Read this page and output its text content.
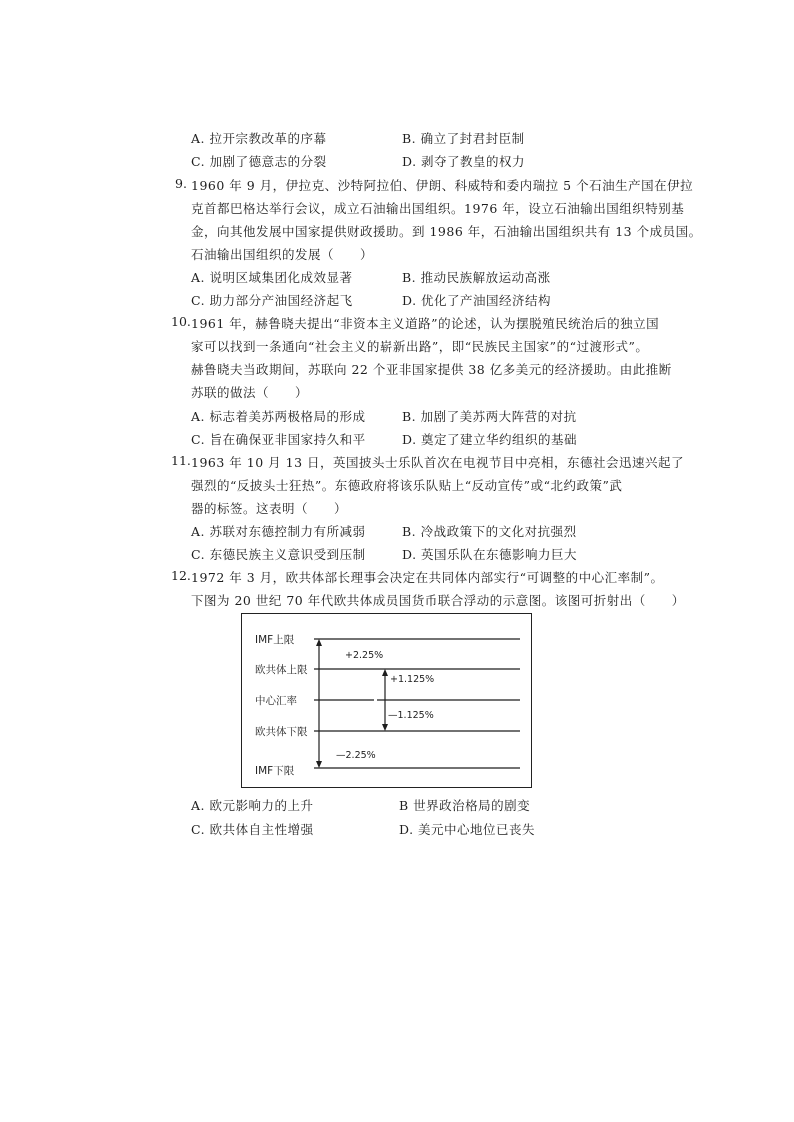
A. 拉开宗教改革的序幕	B. 确立了封君封臣制
C. 加剧了德意志的分裂	D. 剥夺了教皇的权力
9. 1960 年 9 月，伊拉克、沙特阿拉伯、伊朗、科威特和委内瑞拉 5 个石油生产国在伊拉
克首都巴格达举行会议，成立石油输出国组织。1976 年，设立石油输出国组织特别基
金，向其他发展中国家提供财政援助。到 1986 年，石油输出国组织共有 13 个成员国。
石油输出国组织的发展（　　）
A. 说明区域集团化成效显著	B. 推动民族解放运动高涨
C. 助力部分产油国经济起飞	D. 优化了产油国经济结构
10. 1961 年，赫鲁晓夫提出“非资本主义道路”的论述，认为摆脱殖民统治后的独立国
家可以找到一条通向“社会主义的崭新出路”，即“民族民主国家”的“过渡形式”。
赫鲁晓夫当政期间，苏联向 22 个亚非国家提供 38 亿多美元的经济援助。由此推断
苏联的做法（　　）
A. 标志着美苏两极格局的形成	B. 加剧了美苏两大阵营的对抗
C. 旨在确保亚非国家持久和平	D. 奠定了建立华约组织的基础
11. 1963 年 10 月 13 日，英国披头士乐队首次在电视节目中亮相，东德社会迅速兴起了
强烈的“反披头士狂热”。东德政府将该乐队贴上“反动宣传”或“北约政策”武
器的标签。这表明（　　）
A. 苏联对东德控制力有所减弱	B. 冷战政策下的文化对抗强烈
C. 东德民族主义意识受到压制	D. 英国乐队在东德影响力巨大
12. 1972 年 3 月，欧共体部长理事会决定在共同体内部实行“可调整的中心汇率制”。
下图为 20 世纪 70 年代欧共体成员国货币联合浮动的示意图。该图可折射出（　　）
IMF上限
欧共体上限
中心汇率
欧共体下限
IMF下限
+2.25%
+1.125%
—1.125%
—2.25%
A. 欧元影响力的上升	B 世界政治格局的剧变
C. 欧共体自主性增强	D. 美元中心地位已丧失
